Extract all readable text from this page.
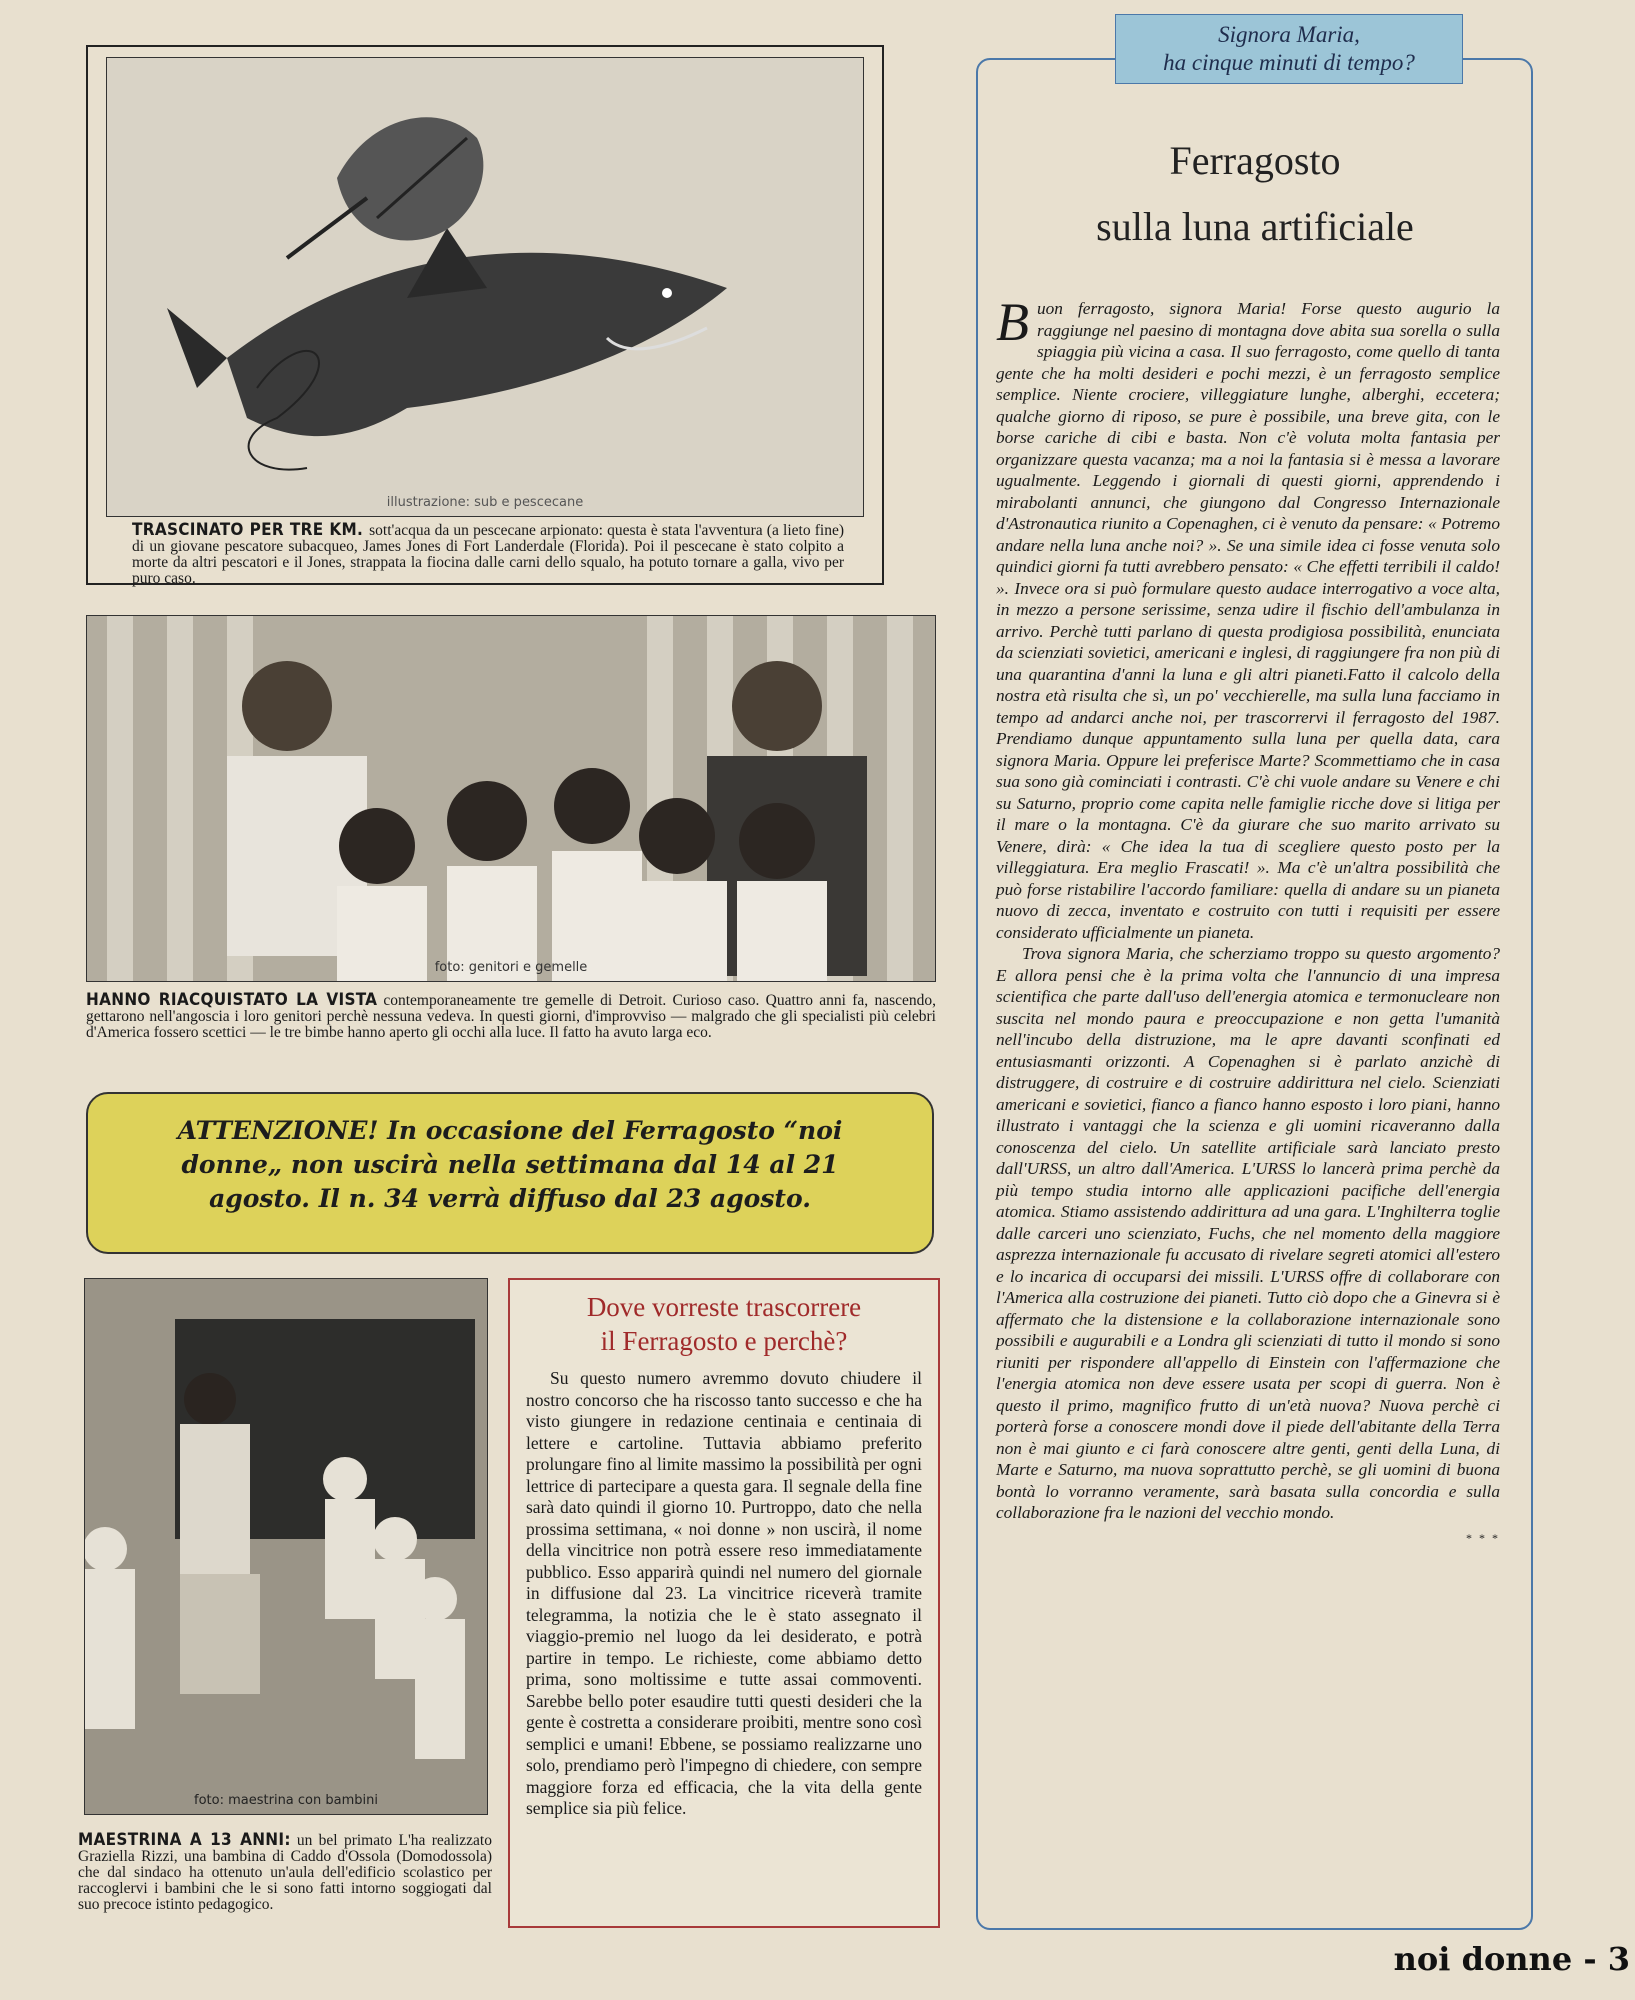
illustrazione: sub e pescecane
TRASCINATO PER TRE KM. sott'acqua da un pescecane arpionato: questa è stata l'avventura (a lieto fine) di un giovane pescatore subacqueo, James Jones di Fort Landerdale (Florida). Poi il pescecane è stato colpito a morte da altri pescatori e il Jones, strappata la fiocina dalle carni dello squalo, ha potuto tornare a galla, vivo per puro caso.
foto: genitori e gemelle
HANNO RIACQUISTATO LA VISTA contemporaneamente tre gemelle di Detroit. Curioso caso. Quattro anni fa, nascendo, gettarono nell'angoscia i loro genitori perchè nessuna vedeva. In questi giorni, d'improvviso — malgrado che gli specialisti più celebri d'America fossero scettici — le tre bimbe hanno aperto gli occhi alla luce. Il fatto ha avuto larga eco.
ATTENZIONE! In occasione del Ferragosto “noi donne„ non uscirà nella settimana dal 14 al 21 agosto. Il n. 34 verrà diffuso dal 23 agosto.
foto: maestrina con bambini
MAESTRINA A 13 ANNI: un bel primato L'ha realizzato Graziella Rizzi, una bambina di Caddo d'Ossola (Domodossola) che dal sindaco ha ottenuto un'aula dell'edificio scolastico per raccoglervi i bambini che le si sono fatti intorno soggiogati dal suo precoce istinto pedagogico.
Dove vorreste trascorrere
il Ferragosto e perchè?
Su questo numero avremmo dovuto chiudere il nostro concorso che ha riscosso tanto successo e che ha visto giungere in redazione centinaia e centinaia di lettere e cartoline. Tuttavia abbiamo preferito prolungare fino al limite massimo la possibilità per ogni lettrice di partecipare a questa gara. Il segnale della fine sarà dato quindi il giorno 10. Purtroppo, dato che nella prossima settimana, « noi donne » non uscirà, il nome della vincitrice non potrà essere reso immediatamente pubblico. Esso apparirà quindi nel numero del giornale in diffusione dal 23. La vincitrice riceverà tramite telegramma, la notizia che le è stato assegnato il viaggio-premio nel luogo da lei desiderato, e potrà partire in tempo. Le richieste, come abbiamo detto prima, sono moltissime e tutte assai commoventi. Sarebbe bello poter esaudire tutti questi desideri che la gente è costretta a considerare proibiti, mentre sono così semplici e umani! Ebbene, se possiamo realizzarne uno solo, prendiamo però l'impegno di chiedere, con sempre maggiore forza ed efficacia, che la vita della gente semplice sia più felice.
Signora Maria,
ha cinque minuti di tempo?
Ferragosto
sulla luna artificiale
B uon ferragosto, signora Maria! Forse questo augurio la raggiunge nel paesino di montagna dove abita sua sorella o sulla spiaggia più vicina a casa. Il suo ferragosto, come quello di tanta gente che ha molti desideri e pochi mezzi, è un ferragosto semplice semplice. Niente crociere, villeggiature lunghe, alberghi, eccetera; qualche giorno di riposo, se pure è possibile, una breve gita, con le borse cariche di cibi e basta. Non c'è voluta molta fantasia per organizzare questa vacanza; ma a noi la fantasia si è messa a lavorare ugualmente. Leggendo i giornali di questi giorni, apprendendo i mirabolanti annunci, che giungono dal Congresso Internazionale d'Astronautica riunito a Copenaghen, ci è venuto da pensare: « Potremo andare nella luna anche noi? ». Se una simile idea ci fosse venuta solo quindici giorni fa tutti avrebbero pensato: « Che effetti terribili il caldo! ». Invece ora si può formulare questo audace interrogativo a voce alta, in mezzo a persone serissime, senza udire il fischio dell'ambulanza in arrivo. Perchè tutti parlano di questa prodigiosa possibilità, enunciata da scienziati sovietici, americani e inglesi, di raggiungere fra non più di una quarantina d'anni la luna e gli altri pianeti.Fatto il calcolo della nostra età risulta che sì, un po' vecchierelle, ma sulla luna facciamo in tempo ad andarci anche noi, per trascorrervi il ferragosto del 1987. Prendiamo dunque appuntamento sulla luna per quella data, cara signora Maria. Oppure lei preferisce Marte? Scommettiamo che in casa sua sono già cominciati i contrasti. C'è chi vuole andare su Venere e chi su Saturno, proprio come capita nelle famiglie ricche dove si litiga per il mare o la montagna. C'è da giurare che suo marito arrivato su Venere, dirà: « Che idea la tua di scegliere questo posto per la villeggiatura. Era meglio Frascati! ». Ma c'è un'altra possibilità che può forse ristabilire l'accordo familiare: quella di andare su un pianeta nuovo di zecca, inventato e costruito con tutti i requisiti per essere considerato ufficialmente un pianeta.

Trova signora Maria, che scherziamo troppo su questo argomento? E allora pensi che è la prima volta che l'annuncio di una impresa scientifica che parte dall'uso dell'energia atomica e termonucleare non suscita nel mondo paura e preoccupazione e non getta l'umanità nell'incubo della distruzione, ma le apre davanti sconfinati ed entusiasmanti orizzonti. A Copenaghen si è parlato anzichè di distruggere, di costruire e di costruire addirittura nel cielo. Scienziati americani e sovietici, fianco a fianco hanno esposto i loro piani, hanno illustrato i vantaggi che la scienza e gli uomini ricaveranno dalla conoscenza del cielo. Un satellite artificiale sarà lanciato presto dall'URSS, un altro dall'America. L'URSS lo lancerà prima perchè da più tempo studia intorno alle applicazioni pacifiche dell'energia atomica. Stiamo assistendo addirittura ad una gara. L'Inghilterra toglie dalle carceri uno scienziato, Fuchs, che nel momento della maggiore asprezza internazionale fu accusato di rivelare segreti atomici all'estero e lo incarica di occuparsi dei missili. L'URSS offre di collaborare con l'America alla costruzione dei pianeti. Tutto ciò dopo che a Ginevra si è affermato che la distensione e la collaborazione internazionale sono possibili e augurabili e a Londra gli scienziati di tutto il mondo si sono riuniti per rispondere all'appello di Einstein con l'affermazione che l'energia atomica non deve essere usata per scopi di guerra. Non è questo il primo, magnifico frutto di un'età nuova? Nuova perchè ci porterà forse a conoscere mondi dove il piede dell'abitante della Terra non è mai giunto e ci farà conoscere altre genti, genti della Luna, di Marte e Saturno, ma nuova soprattutto perchè, se gli uomini di buona bontà lo vorranno veramente, sarà basata sulla concordia e sulla collaborazione fra le nazioni del vecchio mondo.

* * *
noi donne - 3
